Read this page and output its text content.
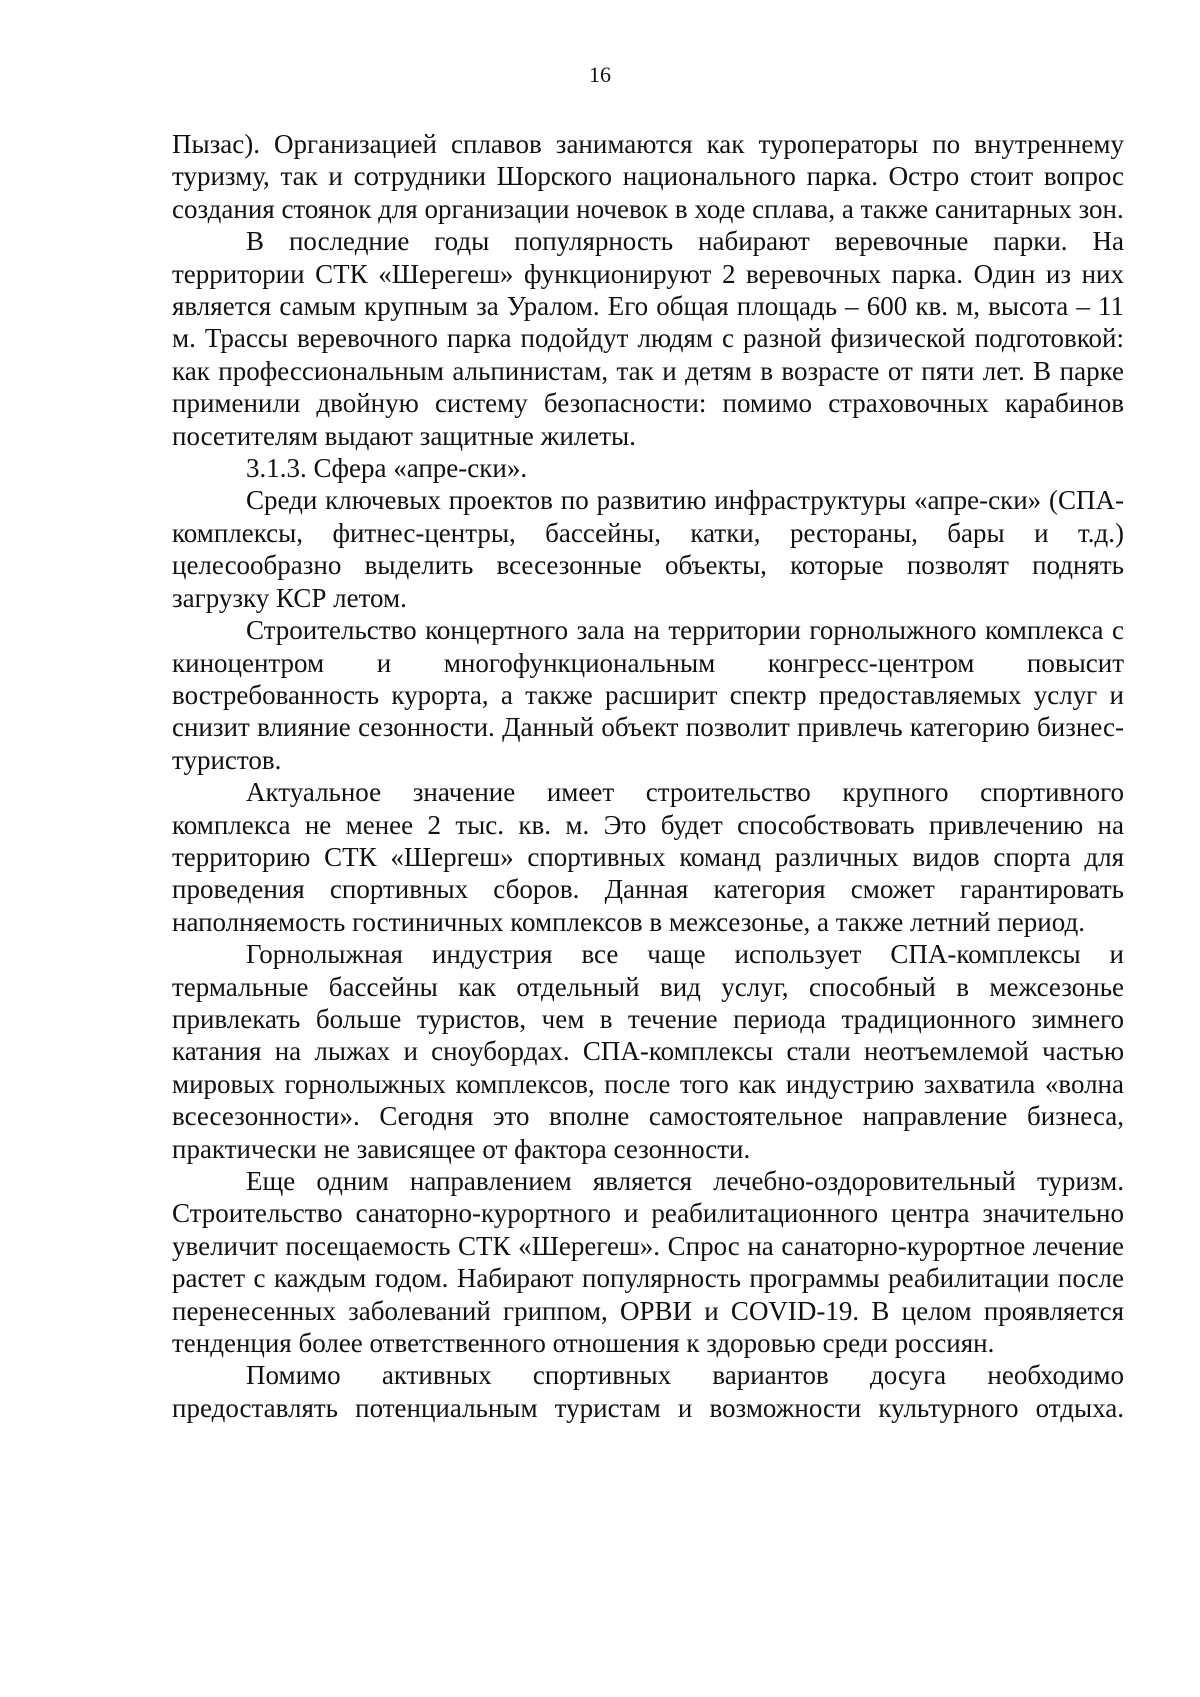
16

Пызас). Организацией сплавов занимаются как туроператоры по внутреннему туризму, так и сотрудники Шорского национального парка. Остро стоит вопрос создания стоянок для организации ночевок в ходе сплава, а также санитарных зон.

В последние годы популярность набирают веревочные парки. На территории СТК «Шерегеш» функционируют 2 веревочных парка. Один из них является самым крупным за Уралом. Его общая площадь – 600 кв. м, высота – 11 м. Трассы веревочного парка подойдут людям с разной физической подготовкой: как профессиональным альпинистам, так и детям в возрасте от пяти лет. В парке применили двойную систему безопасности: помимо страховочных карабинов посетителям выдают защитные жилеты.

3.1.3. Сфера «апре-ски».

Среди ключевых проектов по развитию инфраструктуры «апре-ски» (СПА-комплексы, фитнес-центры, бассейны, катки, рестораны, бары и т.д.) целесообразно выделить всесезонные объекты, которые позволят поднять загрузку КСР летом.

Строительство концертного зала на территории горнолыжного комплекса с киноцентром и многофункциональным конгресс-центром повысит востребованность курорта, а также расширит спектр предоставляемых услуг и снизит влияние сезонности. Данный объект позволит привлечь категорию бизнес-туристов.

Актуальное значение имеет строительство крупного спортивного комплекса не менее 2 тыс. кв. м. Это будет способствовать привлечению на территорию СТК «Шергеш» спортивных команд различных видов спорта для проведения спортивных сборов. Данная категория сможет гарантировать наполняемость гостиничных комплексов в межсезонье, а также летний период.

Горнолыжная индустрия все чаще использует СПА-комплексы и термальные бассейны как отдельный вид услуг, способный в межсезонье привлекать больше туристов, чем в течение периода традиционного зимнего катания на лыжах и сноубордах. СПА-комплексы стали неотъемлемой частью мировых горнолыжных комплексов, после того как индустрию захватила «волна всесезонности». Сегодня это вполне самостоятельное направление бизнеса, практически не зависящее от фактора сезонности.

Еще одним направлением является лечебно-оздоровительный туризм. Строительство санаторно-курортного и реабилитационного центра значительно увеличит посещаемость СТК «Шерегеш». Спрос на санаторно-курортное лечение растет с каждым годом. Набирают популярность программы реабилитации после перенесенных заболеваний гриппом, ОРВИ и COVID-19. В целом проявляется тенденция более ответственного отношения к здоровью среди россиян.

Помимо активных спортивных вариантов досуга необходимо предоставлять потенциальным туристам и возможности культурного отдыха.
